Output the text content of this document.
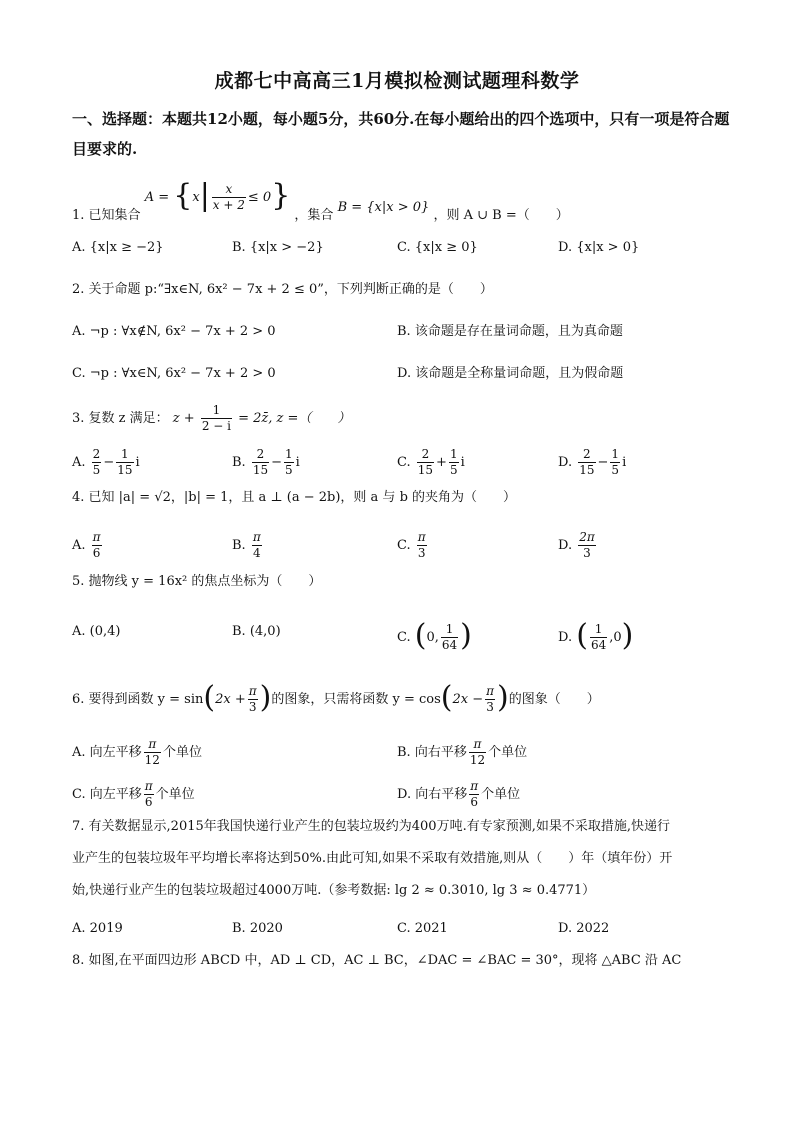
成都七中高高三1月模拟检测试题理科数学
一、选择题：本题共12小题，每小题5分，共60分.在每小题给出的四个选项中，只有一项是符合题目要求的.
1. 已知集合 $A = \{x| \frac{x}{x + 2} \le 0\}$ ，集合 B = {x|x > 0} ，则 A ∪ B =（　　）
A. {x|x ≥ −2}	B. {x|x > −2}	C. {x|x ≥ 0}	D. {x|x > 0}
2. 关于命题 p:“∃x∈N, 6x² − 7x + 2 ≤ 0”，下列判断正确的是（　　）
A. ¬p : ∀x∉N, 6x² − 7x + 2 > 0	B. 该命题是存在量词命题，且为真命题
C. ¬p : ∀x∈N, 6x² − 7x + 2 > 0	D. 该命题是全称量词命题，且为假命题
3. 复数 z 满足： $z + \frac{1}{2 - i}$ = 2z̄, z =（　　）
A. $\frac{2}{5} - \frac{1}{15}$ i	B. $\frac{2}{15} - \frac{1}{5}$ i	C. $\frac{2}{15} + \frac{1}{5}$ i	D. $\frac{2}{15} - \frac{1}{5}$ i
4. 已知 |a| = √2，|b| = 1，且 a ⊥ (a − 2b)，则 a 与 b 的夹角为（　　）
A. $\frac{\pi}{6}$	B. $\frac{\pi}{4}$	C. $\frac{\pi}{3}$	D. $\frac{2\pi}{3}$
5. 抛物线 y = 16x² 的焦点坐标为（　　）
A. (0,4)	B. (4,0)	C. (0, $\frac{1}{64}$ )	D. ( $\frac{1}{64} ,0$)
6. 要得到函数 $y = \sin(2x + \frac{\pi}{3}$ )的图象，只需将函数 $y = \cos(2x - \frac{\pi}{3}$ )的图象（　　）
A. 向左平移 $\frac{\pi}{12}$ 个单位	B. 向右平移 $\frac{\pi}{12}$ 个单位
C. 向左平移 $\frac{\pi}{6}$ 个单位	D. 向右平移 $\frac{\pi}{6}$ 个单位
7. 有关数据显示,2015年我国快递行业产生的包装垃圾约为400万吨.有专家预测,如果不采取措施,快递行
业产生的包装垃圾年平均增长率将达到50%.由此可知,如果不采取有效措施,则从（　　）年（填年份）开
始,快递行业产生的包装垃圾超过4000万吨.（参考数据: lg 2 ≈ 0.3010, lg 3 ≈ 0.4771）
A. 2019	B. 2020	C. 2021	D. 2022
8. 如图,在平面四边形 ABCD 中，AD ⊥ CD，AC ⊥ BC，∠DAC = ∠BAC = 30°，现将 △ABC 沿 AC
